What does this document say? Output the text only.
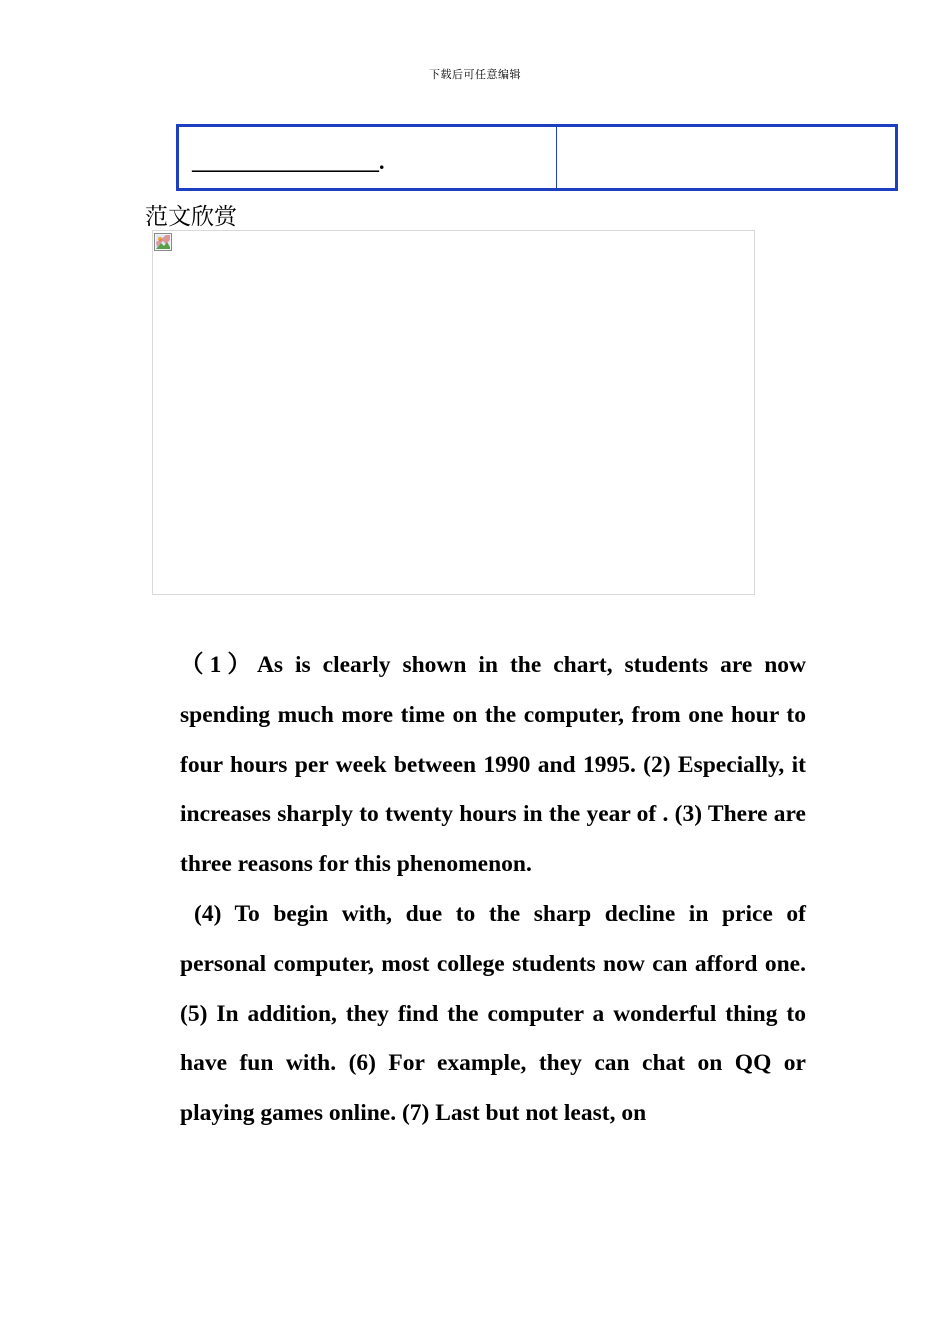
下载后可任意编辑
_________________.
范文欣赏

（1）As is clearly shown in the chart, students are now spending much more time on the computer, from one hour to four hours per week between 1990 and 1995. (2) Especially, it increases sharply to twenty hours in the year of . (3) There are three reasons for this phenomenon.

(4) To begin with, due to the sharp decline in price of personal computer, most college students now can afford one. (5) In addition, they find the computer a wonderful thing to have fun with. (6) For example, they can chat on QQ or playing games online. (7) Last but not least, on
